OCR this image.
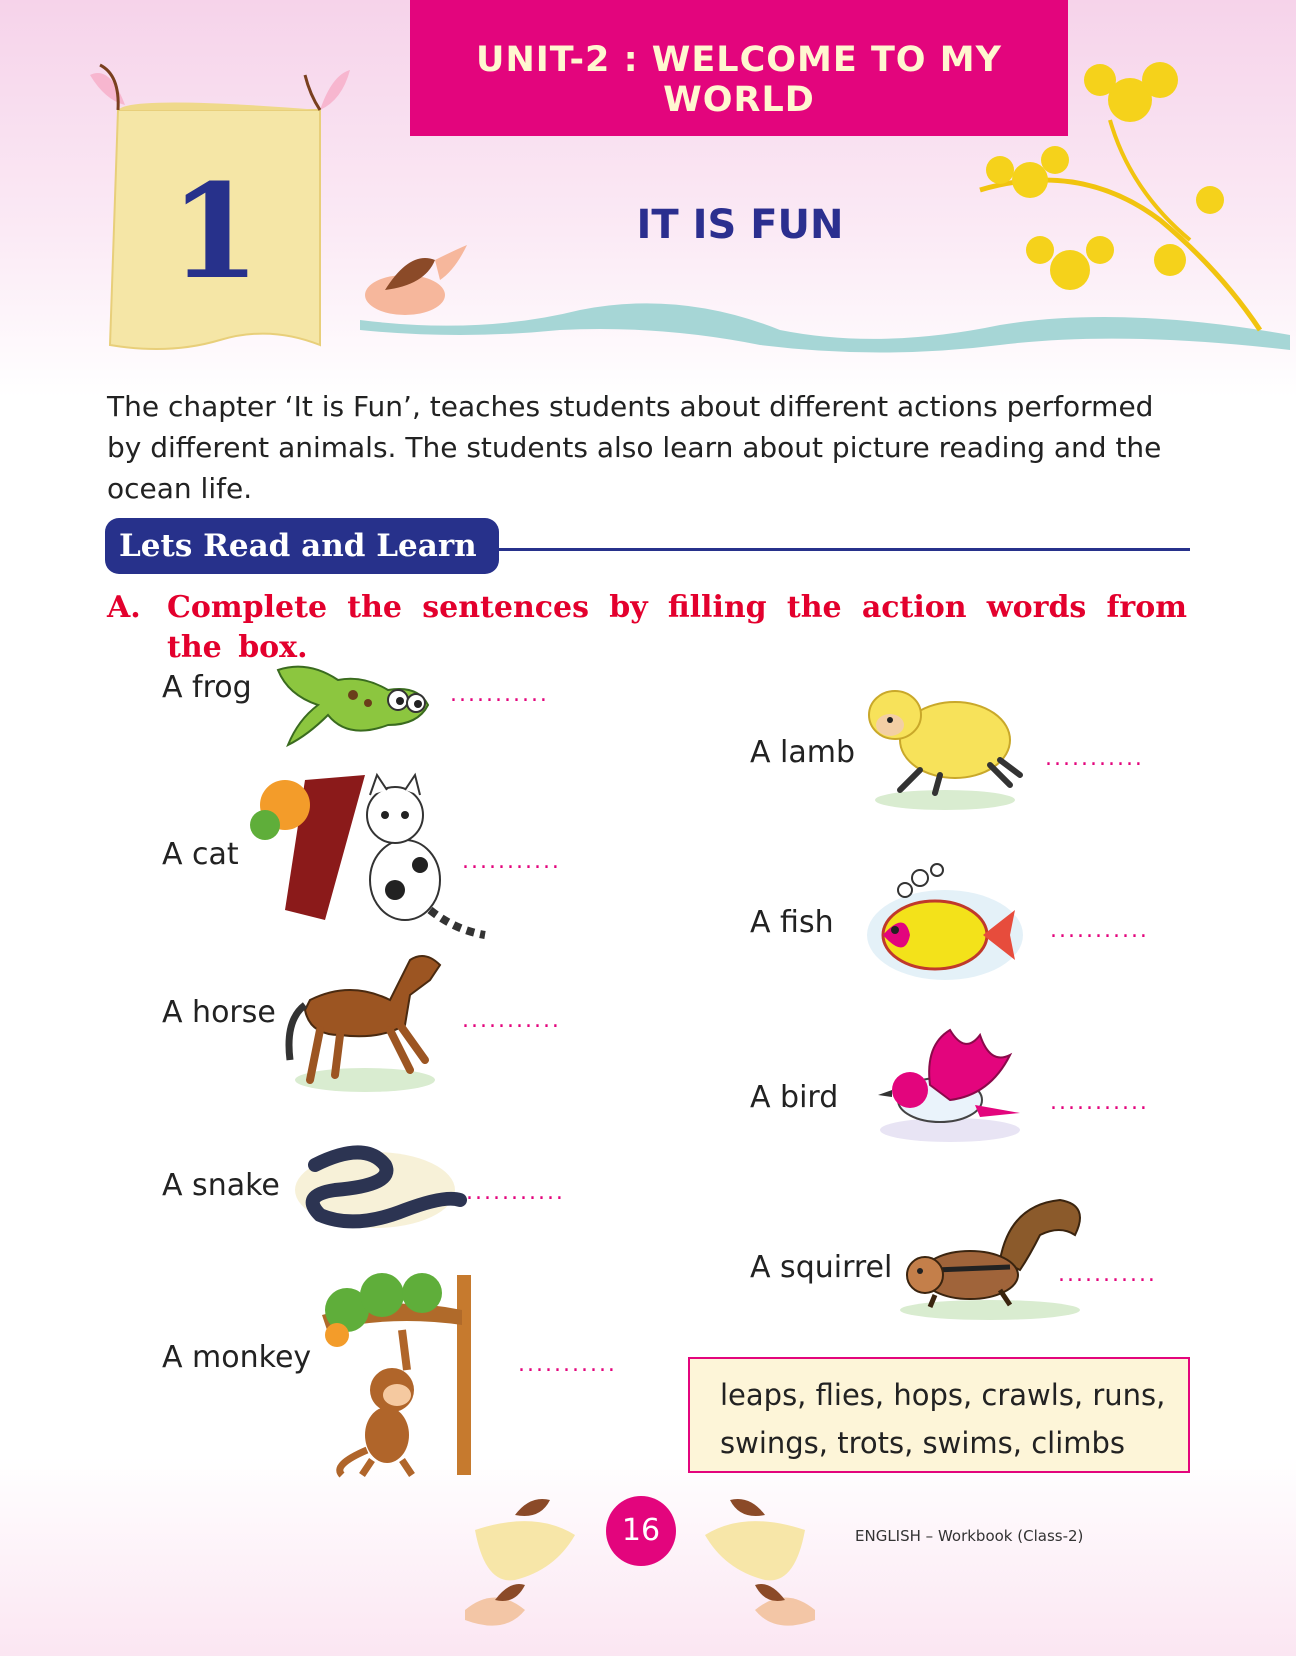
UNIT-2 : WELCOME TO MY WORLD
1	IT IS FUN
The chapter ‘It is Fun’, teaches students about different actions performed by different animals. The students also learn about picture reading and the ocean life.
Lets Read and Learn
A. Complete the sentences by filling the action words from the box.
A frog	...........
A cat	...........
A horse	...........
A snake	...........
A monkey	...........
A lamb	...........
A fish	...........
A bird	...........
A squirrel	...........
leaps, flies, hops, crawls, runs,
swings, trots, swims, climbs
16	ENGLISH – Workbook (Class-2)
